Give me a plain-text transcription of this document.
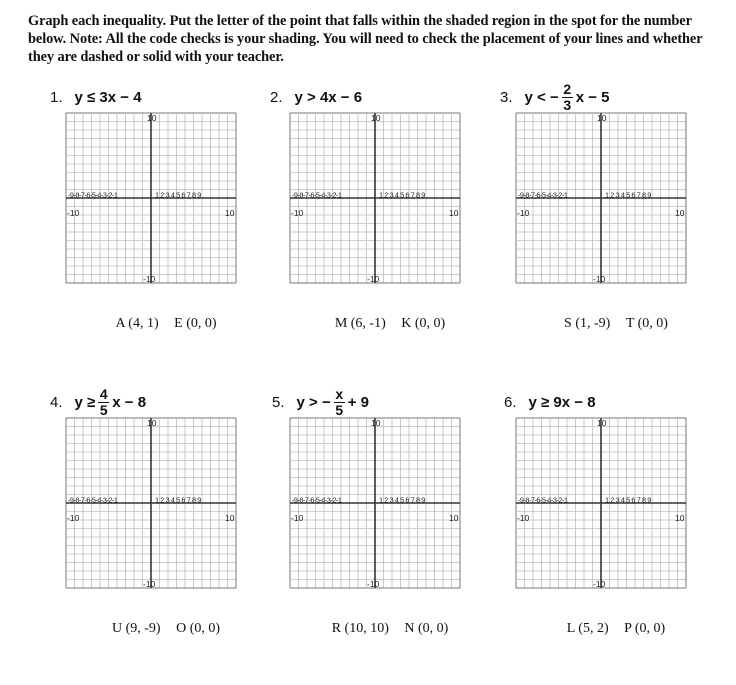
Graph each inequality. Put the letter of the point that falls within the shaded region in the spot for the number below. Note: All the code checks is your shading. You will need to check the placement of your lines and whether they are dashed or solid with your teacher.
1. y ≤ 3x − 4
10
-10
-10	10
-9-8-7-6-5-4-3-2-1	1 2 3 4 5 6 7 8 9
A (4, 1) E (0, 0)
2. y > 4x − 6
10
-10
-10	10
-9-8-7-6-5-4-3-2-1	1 2 3 4 5 6 7 8 9
M (6, -1) K (0, 0)
3. y < − $\frac{2}{3}$ x − 5
10
-10
-10	10
-9-8-7-6-5-4-3-2-1	1 2 3 4 5 6 7 8 9
S (1, -9) T (0, 0)
4. $y \ge \frac{4}{5}$ x − 8
10
-10
-10	10
-9-8-7-6-5-4-3-2-1	1 2 3 4 5 6 7 8 9
U (9, -9) O (0, 0)
5. y > − $\frac{x}{5} + 9$
10
-10
-10	10
-9-8-7-6-5-4-3-2-1	1 2 3 4 5 6 7 8 9
R (10, 10) N (0, 0)
6. y ≥ 9x − 8
10
-10
-10	10
-9-8-7-6-5-4-3-2-1	1 2 3 4 5 6 7 8 9
L (5, 2) P (0, 0)
